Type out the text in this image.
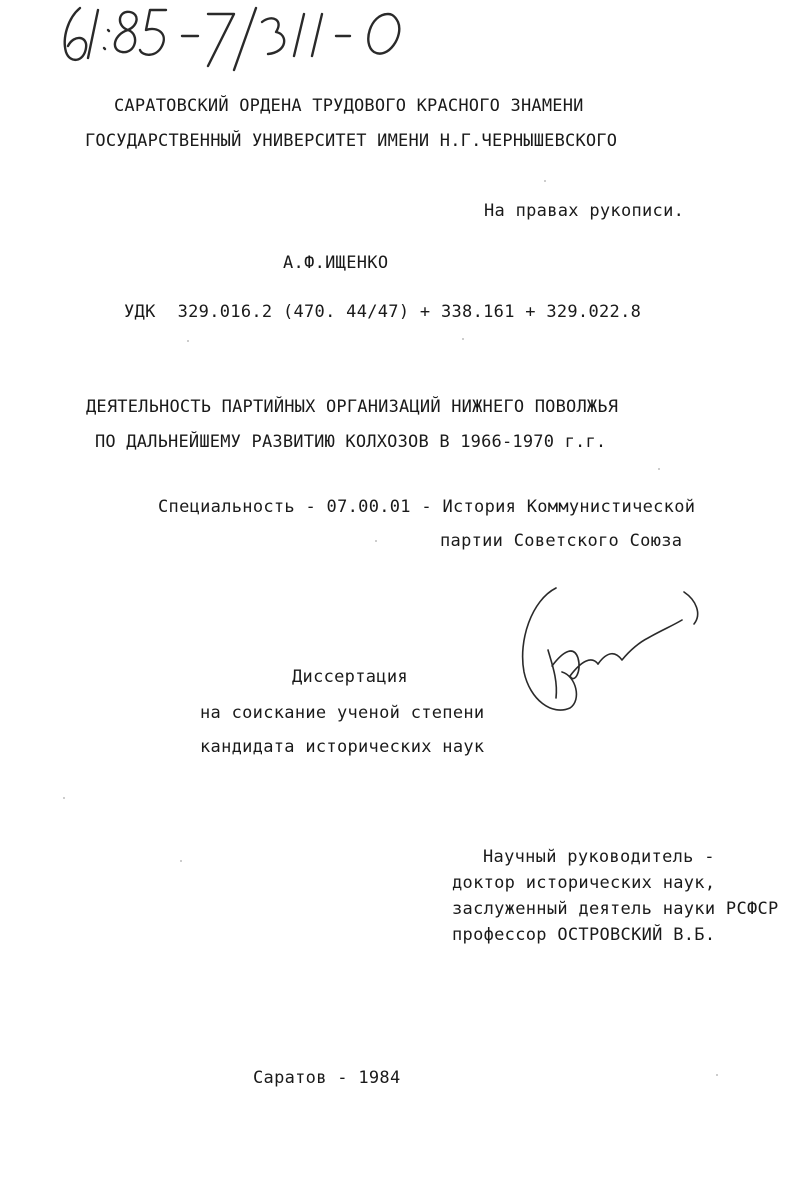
САРАТОВСКИЙ ОРДЕНА ТРУДОВОГО КРАСНОГО ЗНАМЕНИ
ГОСУДАРСТВЕННЫЙ УНИВЕРСИТЕТ ИМЕНИ Н.Г.ЧЕРНЫШЕВСКОГО
На правах рукописи.
А.Ф.ИЩЕНКО
УДК 329.016.2 (470. 44/47) + 338.161 + 329.022.8
ДЕЯТЕЛЬНОСТЬ ПАРТИЙНЫХ ОРГАНИЗАЦИЙ НИЖНЕГО ПОВОЛЖЬЯ
ПО ДАЛЬНЕЙШЕМУ РАЗВИТИЮ КОЛХОЗОВ В 1966-1970 г.г.
Специальность - 07.00.01 - История Коммунистической
партии Советского Союза
Диссертация
на соискание ученой степени
кандидата исторических наук
Научный руководитель -
доктор исторических наук,
заслуженный деятель науки РСФСР
профессор ОСТРОВСКИЙ В.Б.
Саратов - 1984
